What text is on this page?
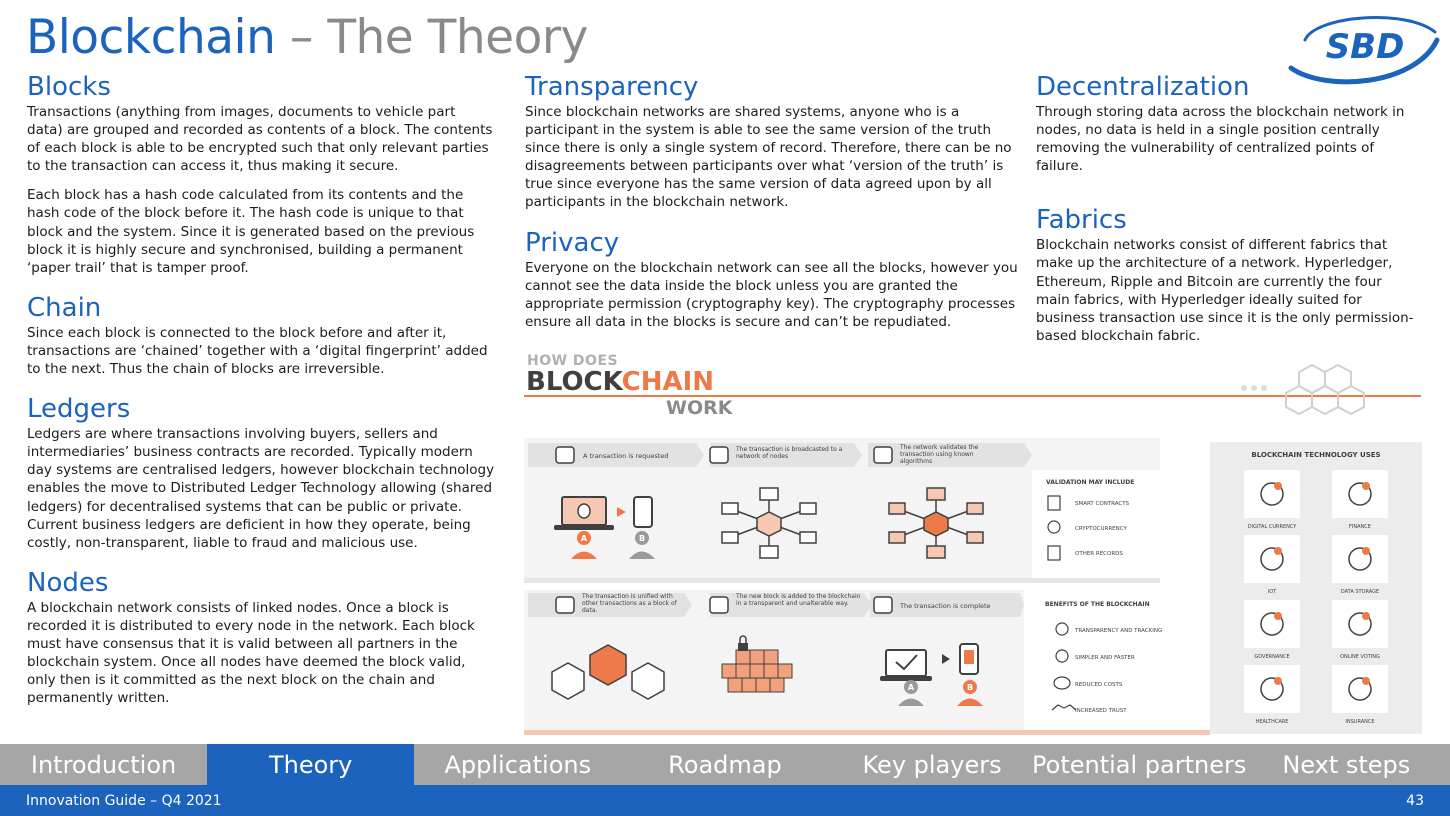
Blockchain – The Theory	SBD
Blocks

Transactions (anything from images, documents to vehicle part data) are grouped and recorded as contents of a block. The contents of each block is able to be encrypted such that only relevant parties to the transaction can access it, thus making it secure.

Each block has a hash code calculated from its contents and the hash code of the block before it. The hash code is unique to that block and the system. Since it is generated based on the previous block it is highly secure and synchronised, building a permanent ‘paper trail’ that is tamper proof.

Chain

Since each block is connected to the block before and after it, transactions are ‘chained’ together with a ‘digital fingerprint’ added to the next. Thus the chain of blocks are irreversible.

Ledgers

Ledgers are where transactions involving buyers, sellers and intermediaries’ business contracts are recorded. Typically modern day systems are centralised ledgers, however blockchain technology enables the move to Distributed Ledger Technology allowing (shared ledgers) for decentralised systems that can be public or private. Current business ledgers are deficient in how they operate, being costly, non-transparent, liable to fraud and malicious use.

Nodes

A blockchain network consists of linked nodes. Once a block is recorded it is distributed to every node in the network. Each block must have consensus that it is valid between all partners in the blockchain system. Once all nodes have deemed the block valid, only then is it committed as the next block on the chain and permanently written.

Transparency

Since blockchain networks are shared systems, anyone who is a participant in the system is able to see the same version of the truth since there is only a single system of record. Therefore, there can be no disagreements between participants over what ‘version of the truth’ is true since everyone has the same version of data agreed upon by all participants in the blockchain network.

Privacy

Everyone on the blockchain network can see all the blocks, however you cannot see the data inside the block unless you are granted the appropriate permission (cryptography key). The cryptography processes ensure all data in the blocks is secure and can’t be repudiated.

Decentralization

Through storing data across the blockchain network in nodes, no data is held in a single position centrally removing the vulnerability of centralized points of failure.

Fabrics

Blockchain networks consist of different fabrics that make up the architecture of a network. Hyperledger, Ethereum, Ripple and Bitcoin are currently the four main fabrics, with Hyperledger ideally suited for business transaction use since it is the only permission-based blockchain fabric.

HOW DOES
BLOCKCHAIN
WORK
A transaction is requested
The transaction is broadcasted to a network of nodes
The network validates the transaction using known algorithms
A	B
VALIDATION MAY INCLUDE
SMART CONTRACTS
CRYPTOCURRENCY
OTHER RECORDS
The transaction is unified with other transactions as a block of data.
The new block is added to the blockchain in a transparent and unalterable way.	The transaction is complete
A	B
BENEFITS OF THE BLOCKCHAIN
TRANSPARENCY AND TRACKING
SIMPLER AND FASTER
REDUCED COSTS
INCREASED TRUST
BLOCKCHAIN TECHNOLOGY USES
DIGITAL CURRENCY	FINANCE
IOT	DATA STORAGE
GOVERNANCE	ONLINE VOTING
HEALTHCARE	INSURANCE
Introduction	Theory	Applications	Roadmap	Key players	Potential partners	Next steps
Innovation Guide – Q4 2021	43
